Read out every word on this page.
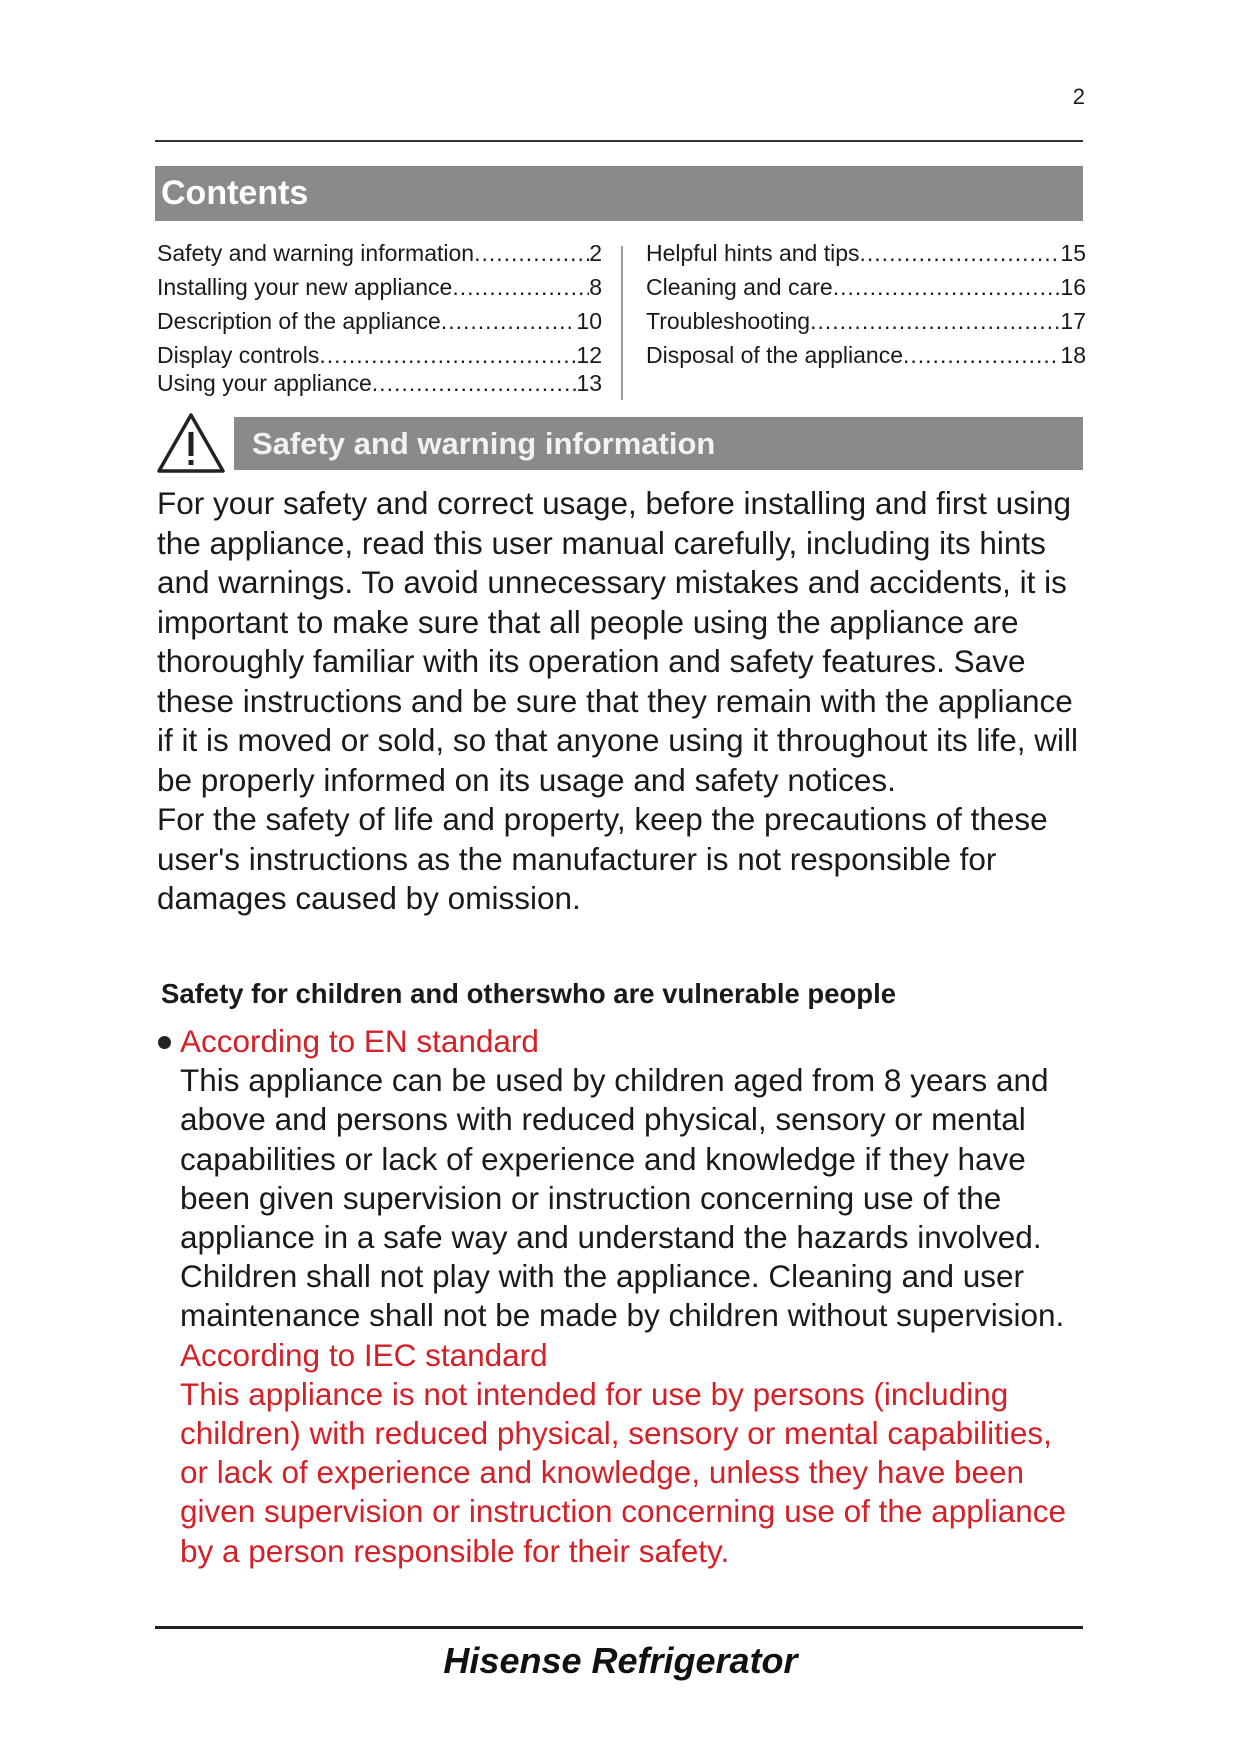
2
Contents
Safety and warning information .....	2
Installing your new appliance .....	8
Description of the appliance .....	10
Display controls .....	12
Using your appliance .....	13
Helpful hints and tips .....	15
Cleaning and care .....	16
Troubleshooting .....	17
Disposal of the appliance .....	18
Safety and warning information

For your safety and correct usage, before installing and first using the appliance, read this user manual carefully, including its hints and warnings. To avoid unnecessary mistakes and accidents, it is important to make sure that all people using the appliance are thoroughly familiar with its operation and safety features. Save these instructions and be sure that they remain with the appliance if it is moved or sold, so that anyone using it throughout its life, will be properly informed on its usage and safety notices.

For the safety of life and property, keep the precautions of these user's instructions as the manufacturer is not responsible for damages caused by omission.

Safety for children and otherswho are vulnerable people

According to EN standard

This appliance can be used by children aged from 8 years and above and persons with reduced physical, sensory or mental capabilities or lack of experience and knowledge if they have been given supervision or instruction concerning use of the appliance in a safe way and understand the hazards involved. Children shall not play with the appliance. Cleaning and user maintenance shall not be made by children without supervision.

According to IEC standard

This appliance is not intended for use by persons (including children) with reduced physical, sensory or mental capabilities, or lack of experience and knowledge, unless they have been given supervision or instruction concerning use of the appliance by a person responsible for their safety.

Hisense Refrigerator
